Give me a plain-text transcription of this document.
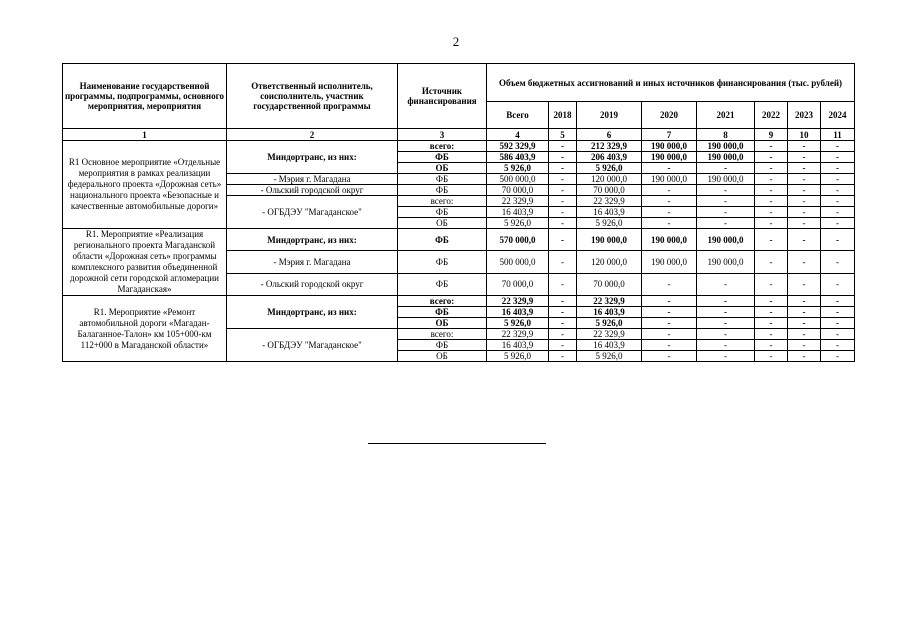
2
Наименование государственной программы, подпрограммы, основного мероприятия, мероприятия	Ответственный исполнитель, соисполнитель, участник государственной программы	Источник финансирования	Объем бюджетных ассигнований и иных источников финансирования (тыс. рублей)							
			Всего	2018	2019	2020	2021	2022	2023	2024
1	2	3	4	5	6	7	8	9	10	11
R1 Основное мероприятие «Отдельные мероприятия в рамках реализации федерального проекта «Дорожная сеть» национального проекта «Безопасные и качественные автомобильные дороги»	Миндортранс, из них:	всего:	592 329,9	-	212 329,9	190 000,0	190 000,0	-	-	-
		ФБ	586 403,9	-	206 403,9	190 000,0	190 000,0	-	-	-
		ОБ	5 926,0	-	5 926,0	-	-	-	-	-
	- Мэрия г. Магадана	ФБ	500 000,0	-	120 000,0	190 000,0	190 000,0	-	-	-
	- Ольский городской округ	ФБ	70 000,0	-	70 000,0	-	-	-	-	-
	- ОГБДЭУ "Магаданское"	всего:	22 329,9	-	22 329,9	-	-	-	-	-
		ФБ	16 403,9	-	16 403,9	-	-	-	-	-
		ОБ	5 926,0	-	5 926,0	-	-	-	-	-
R1. Мероприятие «Реализация регионального проекта Магаданской области «Дорожная сеть» программы комплексного развития объединенной дорожной сети городской агломерации Магаданская»	Миндортранс, из них:	ФБ	570 000,0	-	190 000,0	190 000,0	190 000,0	-	-	-
	- Мэрия г. Магадана	ФБ	500 000,0	-	120 000,0	190 000,0	190 000,0	-	-	-
	- Ольский городской округ	ФБ	70 000,0	-	70 000,0	-	-	-	-	-
R1. Мероприятие «Ремонт автомобильной дороги «Магадан-Балаганное-Талон» км 105+000-км 112+000 в Магаданской области»	Миндортранс, из них:	всего:	22 329,9	-	22 329,9	-	-	-	-	-
		ФБ	16 403,9	-	16 403,9	-	-	-	-	-
		ОБ	5 926,0	-	5 926,0	-	-	-	-	-
	- ОГБДЭУ "Магаданское"	всего:	22 329,9	-	22 329,9	-	-	-	-	-
		ФБ	16 403,9	-	16 403,9	-	-	-	-	-
		ОБ	5 926,0	-	5 926,0	-	-	-	-	-
